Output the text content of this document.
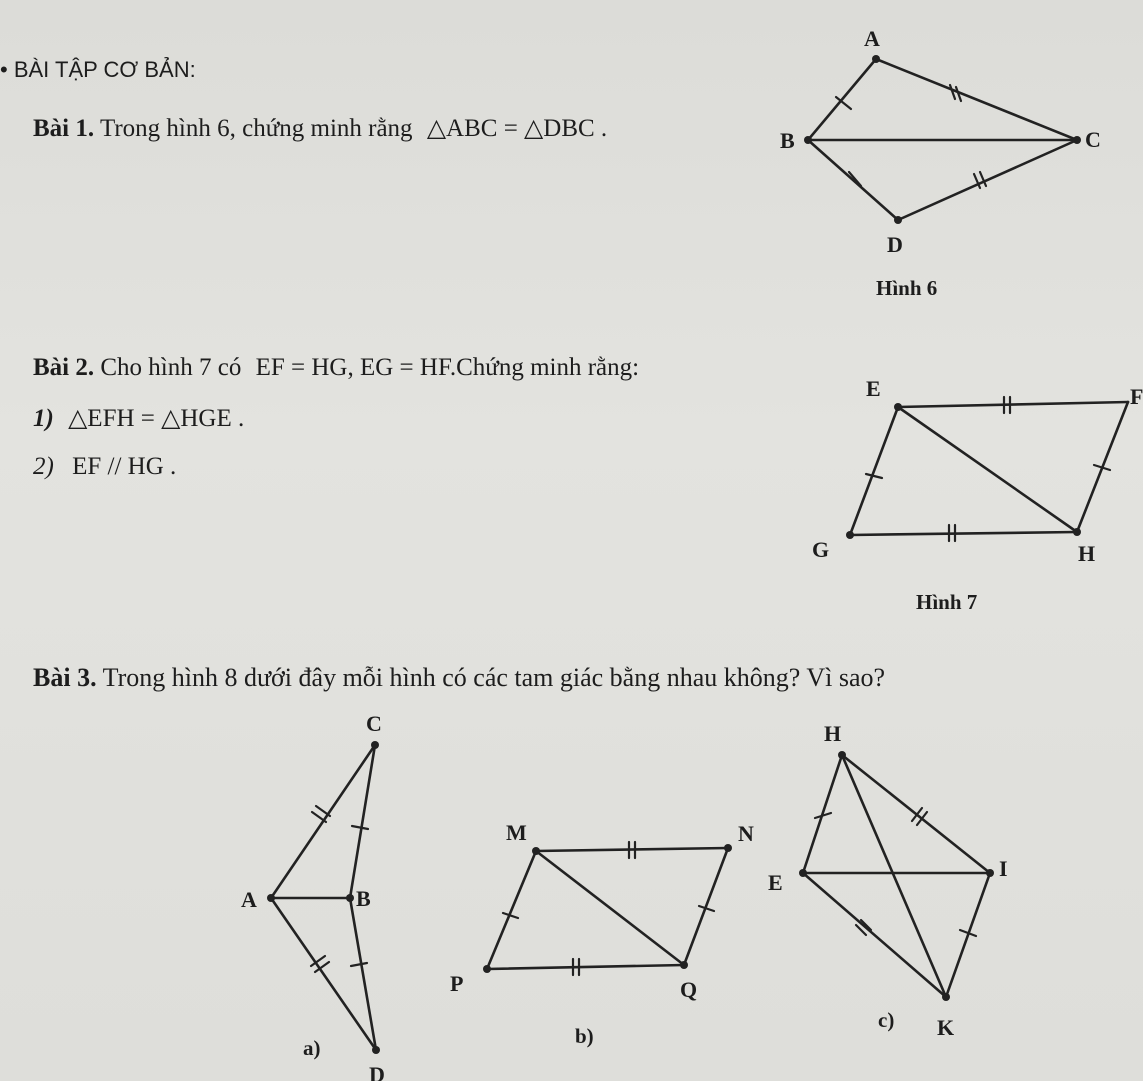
• BÀI TẬP CƠ BẢN:
Bài 1. Trong hình 6, chứng minh rằng △ABC = △DBC .
Bài 2. Cho hình 7 có EF = HG, EG = HF.Chứng minh rằng:
1) △EFH = △HGE .
2) EF // HG .
Bài 3. Trong hình 8 dưới đây mỗi hình có các tam giác bằng nhau không? Vì sao?
Hình 6
Hình 7
A
B	C
D
E	F
G	H
C
A	B
D
a)
M	N
P	Q
b)
H
E
I
K
c)
